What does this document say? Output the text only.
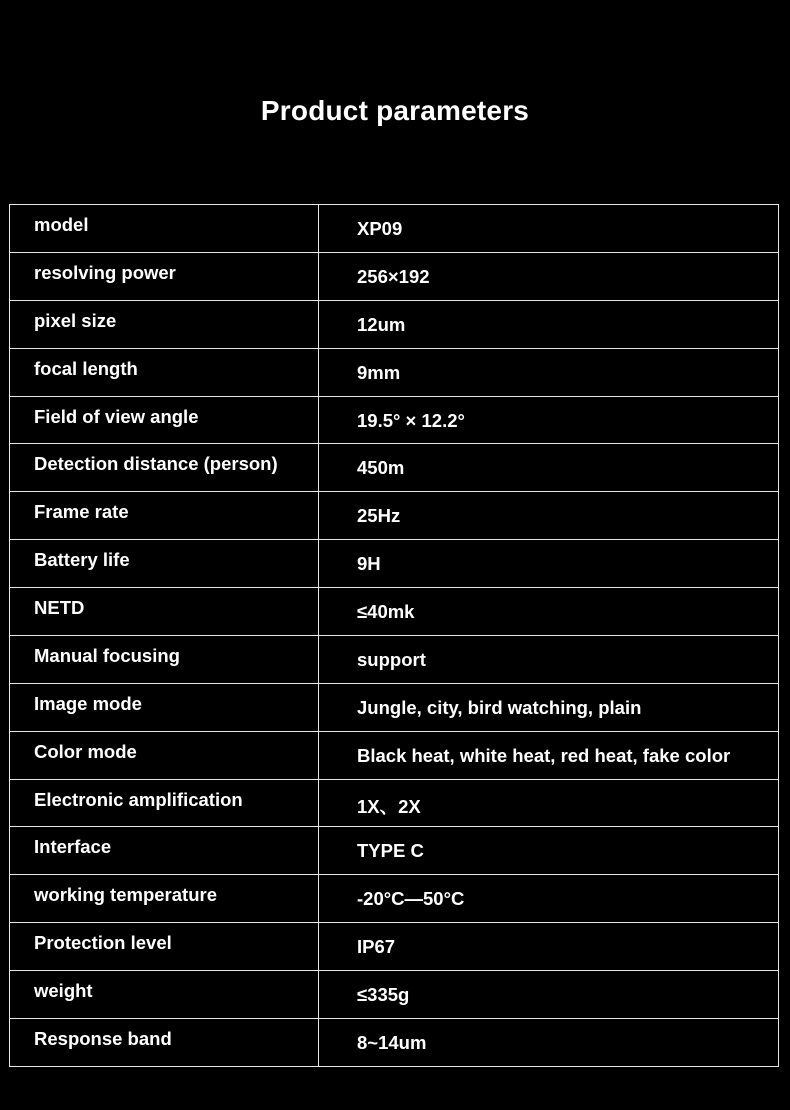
Product parameters
model	XP09
resolving power	256×192
pixel size	12um
focal length	9mm
Field of view angle	19.5° × 12.2°
Detection distance (person)	450m
Frame rate	25Hz
Battery life	9H
NETD	≤40mk
Manual focusing	support
Image mode	Jungle, city, bird watching, plain
Color mode	Black heat, white heat, red heat, fake color
Electronic amplification	1X、2X
Interface	TYPE C
working temperature	-20°C—50°C
Protection level	IP67
weight	≤335g
Response band	8~14um
